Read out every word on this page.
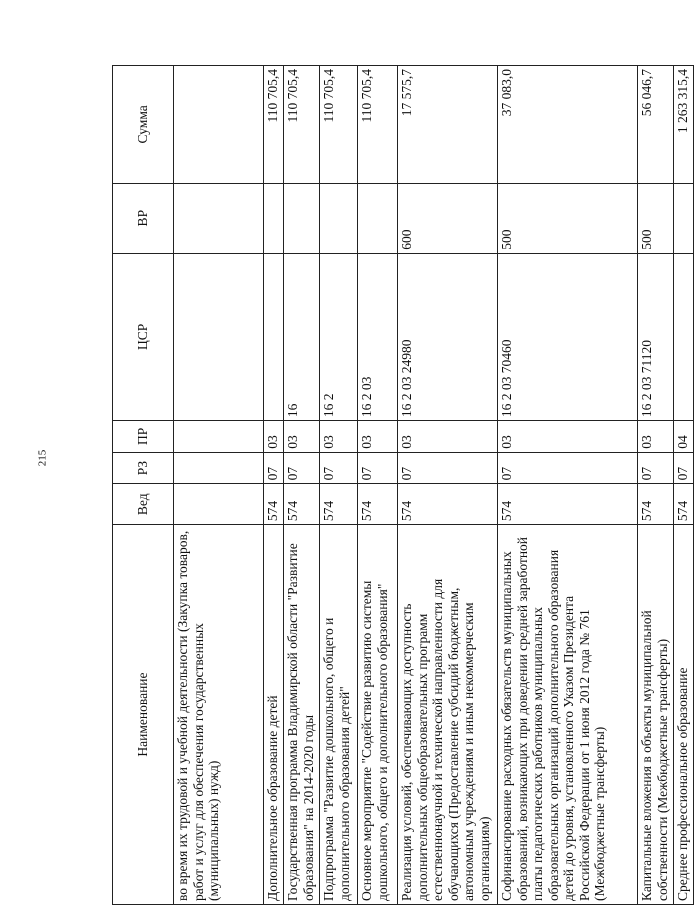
215
Наименование	Вед	РЗ	ПР	ЦСР	ВР	Сумма
во время их трудовой и учебной деятельности (Закупка товаров, работ и услуг для обеспечения государственных (муниципальных) нужд)						
Дополнительное образование детей	574	07	03			110 705,4
Государственная программа Владимирской области "Развитие образования" на 2014-2020 годы	574	07	03	16		110 705,4
Подпрограмма "Развитие дошкольного, общего и дополнительного образования детей"	574	07	03	16 2		110 705,4
Основное мероприятие "Содействие развитию системы дошкольного, общего и дополнительного образования"	574	07	03	16 2 03		110 705,4
Реализация условий, обеспечивающих доступность дополнительных общеобразовательных программ естественнонаучной и технической направленности для обучающихся (Предоставление субсидий бюджетным, автономным учреждениям и иным некоммерческим организациям)	574	07	03	16 2 03 24980	600	17 575,7
Софинансирование расходных обязательств муниципальных образований, возникающих при доведении средней заработной платы педагогических работников муниципальных образовательных организаций дополнительного образования детей до уровня, установленного Указом Президента Российской Федерации от 1 июня 2012 года № 761 (Межбюджетные трансферты)	574	07	03	16 2 03 70460	500	37 083,0
Капитальные вложения в объекты муниципальной собственности (Межбюджетные трансферты)	574	07	03	16 2 03 71120	500	56 046,7
Среднее профессиональное образование	574	07	04			1 263 315,4
